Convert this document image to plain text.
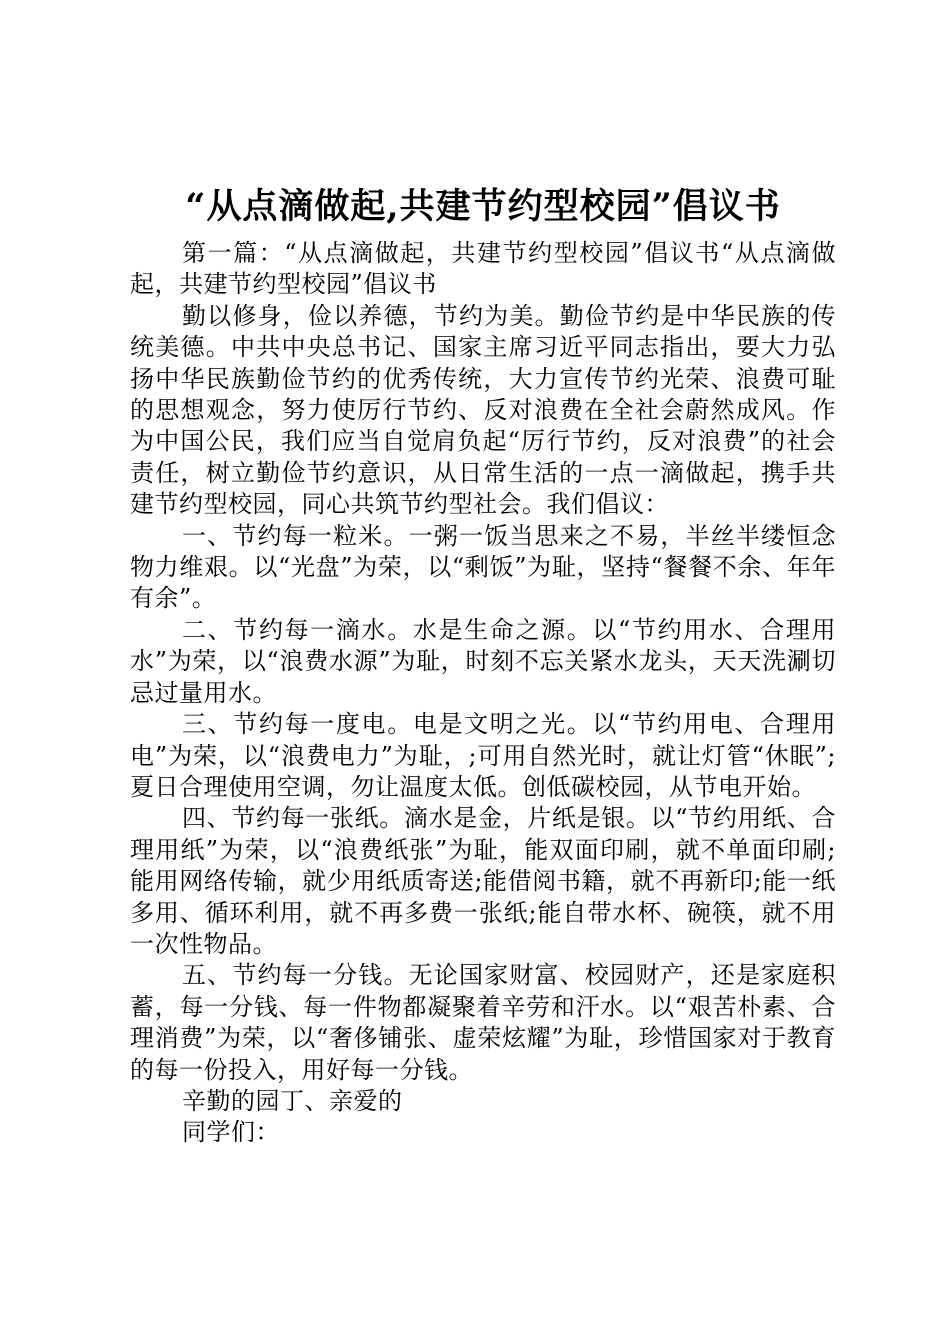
“从点滴做起,共建节约型校园”倡议书

第一篇：“从点滴做起，共建节约型校园”倡议书“从点滴做起，共建节约型校园”倡议书

勤以修身，俭以养德，节约为美。勤俭节约是中华民族的传统美德。中共中央总书记、国家主席习近平同志指出，要大力弘扬中华民族勤俭节约的优秀传统，大力宣传节约光荣、浪费可耻的思想观念，努力使厉行节约、反对浪费在全社会蔚然成风。作为中国公民，我们应当自觉肩负起“厉行节约，反对浪费”的社会责任，树立勤俭节约意识，从日常生活的一点一滴做起，携手共建节约型校园，同心共筑节约型社会。我们倡议：

一、节约每一粒米。一粥一饭当思来之不易，半丝半缕恒念物力维艰。以“光盘”为荣，以“剩饭”为耻，坚持“餐餐不余、年年有余”。

二、节约每一滴水。水是生命之源。以“节约用水、合理用水”为荣，以“浪费水源”为耻，时刻不忘关紧水龙头，天天洗涮切忌过量用水。

三、节约每一度电。电是文明之光。以“节约用电、合理用电”为荣，以“浪费电力”为耻，;可用自然光时，就让灯管“休眠”;夏日合理使用空调，勿让温度太低。创低碳校园，从节电开始。

四、节约每一张纸。滴水是金，片纸是银。以“节约用纸、合理用纸”为荣，以“浪费纸张”为耻，能双面印刷，就不单面印刷;能用网络传输，就少用纸质寄送;能借阅书籍，就不再新印;能一纸多用、循环利用，就不再多费一张纸;能自带水杯、碗筷，就不用一次性物品。

五、节约每一分钱。无论国家财富、校园财产，还是家庭积蓄，每一分钱、每一件物都凝聚着辛劳和汗水。以“艰苦朴素、合理消费”为荣，以“奢侈铺张、虚荣炫耀”为耻，珍惜国家对于教育的每一份投入，用好每一分钱。

辛勤的园丁、亲爱的

同学们：
